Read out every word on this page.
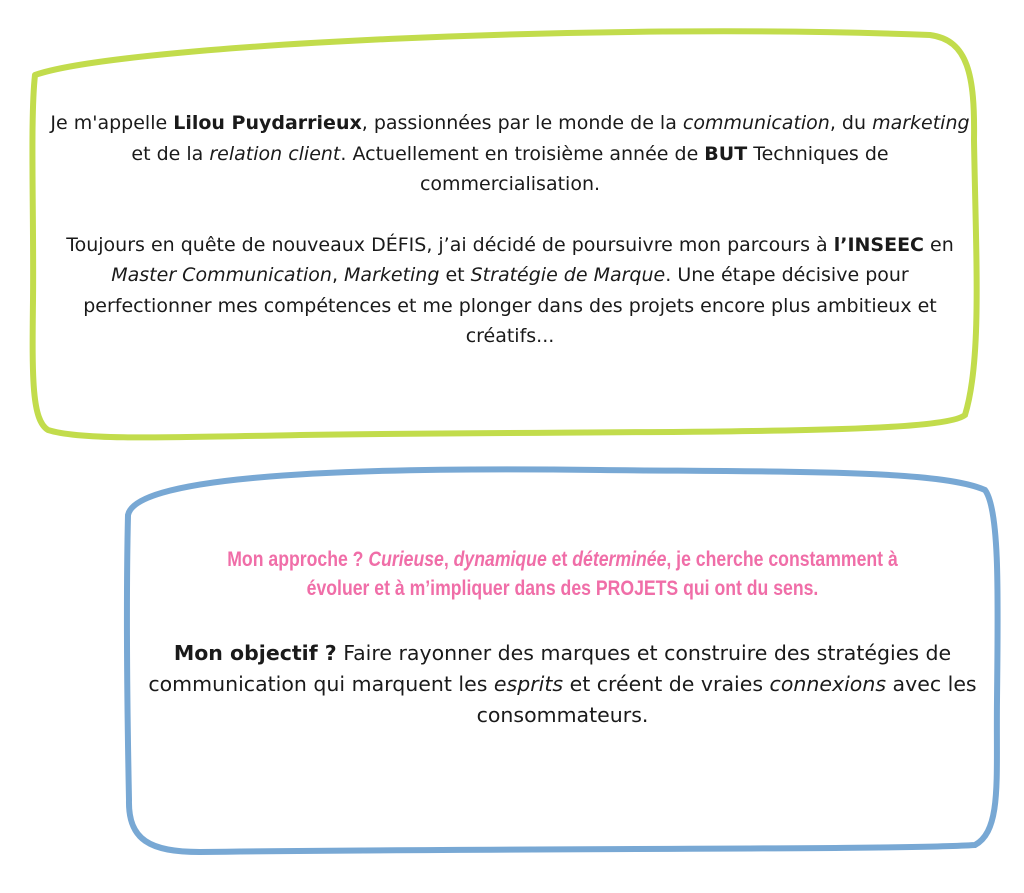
Je m'appelle Lilou Puydarrieux, passionnées par le monde de la communication, du marketing et de la relation client. Actuellement en troisième année de BUT Techniques de commercialisation.

Toujours en quête de nouveaux DÉFIS, j’ai décidé de poursuivre mon parcours à l’INSEEC en Master Communication, Marketing et Stratégie de Marque. Une étape décisive pour perfectionner mes compétences et me plonger dans des projets encore plus ambitieux et créatifs...

Mon approche ? Curieuse, dynamique et déterminée, je cherche constamment à évoluer et à m’impliquer dans des PROJETS qui ont du sens.

Mon objectif ? Faire rayonner des marques et construire des stratégies de communication qui marquent les esprits et créent de vraies connexions avec les consommateurs.
